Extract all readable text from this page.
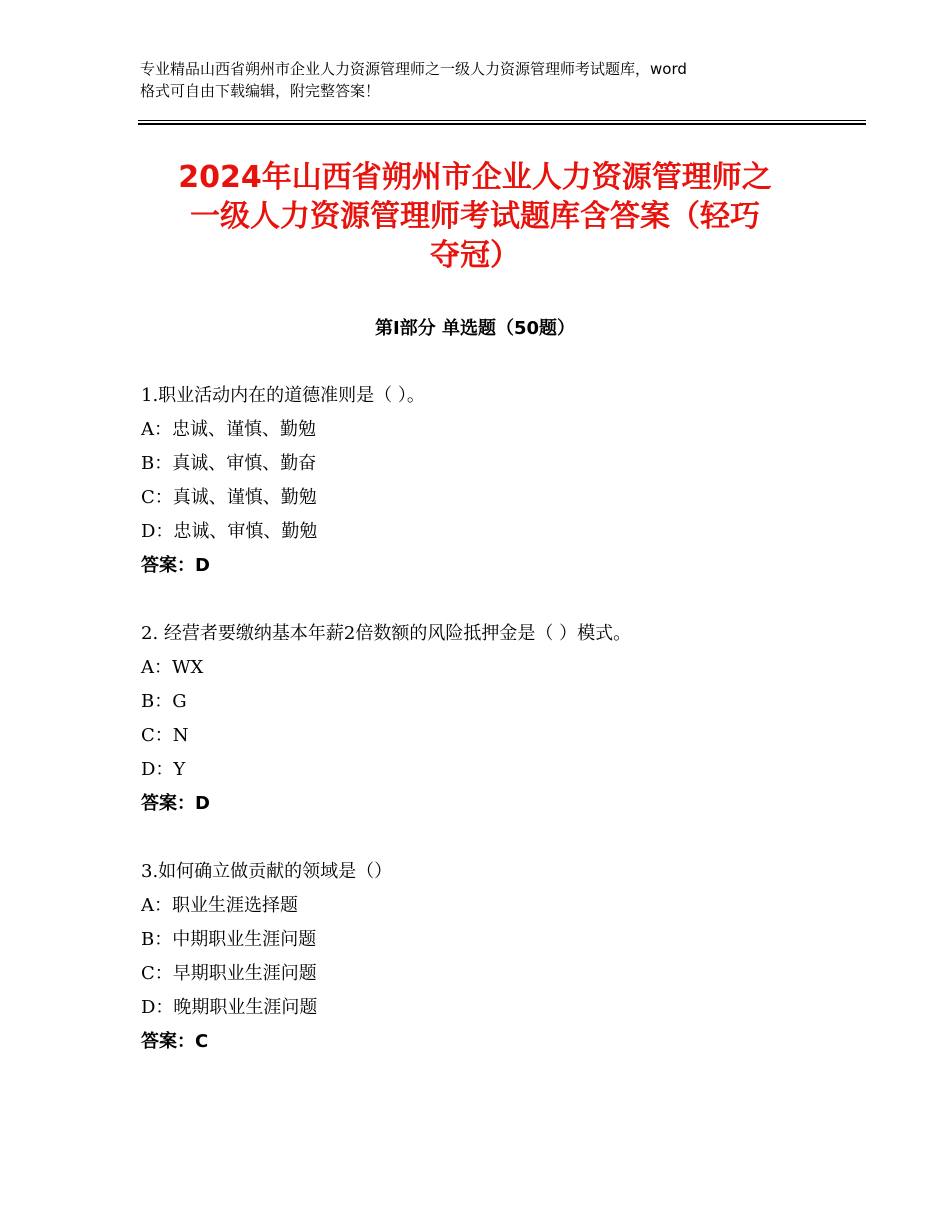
专业精品山西省朔州市企业人力资源管理师之一级人力资源管理师考试题库，word
格式可自由下载编辑，附完整答案！
2024年山西省朔州市企业人力资源管理师之
一级人力资源管理师考试题库含答案（轻巧
夺冠）
第Ⅰ部分 单选题（50题）
1.职业活动内在的道德准则是（ ）。
A：忠诚、谨慎、勤勉
B：真诚、审慎、勤奋
C：真诚、谨慎、勤勉
D：忠诚、审慎、勤勉
答案：D
2. 经营者要缴纳基本年薪2倍数额的风险抵押金是（ ）模式。
A：WX
B：G
C：N
D：Y
答案：D
3.如何确立做贡献的领域是（）
A：职业生涯选择题
B：中期职业生涯问题
C：早期职业生涯问题
D：晚期职业生涯问题
答案：C
